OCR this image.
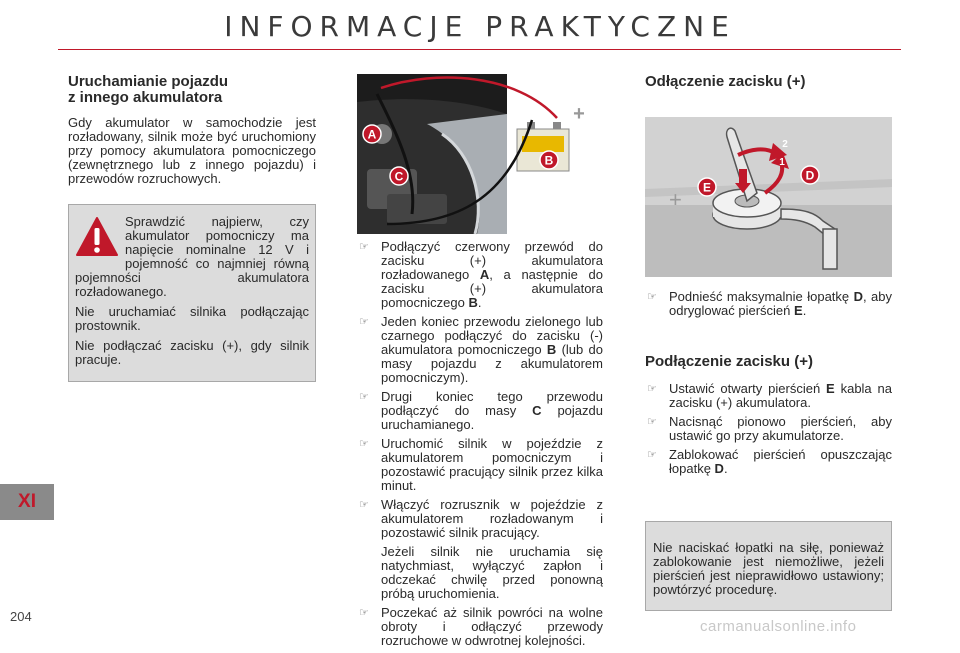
INFORMACJE PRAKTYCZNE
Uruchamianie pojazdu
z innego akumulatora

Gdy akumulator w samochodzie jest rozładowany, silnik może być uruchomiony przy pomocy akumulatora pomocniczego (zewnętrznego lub z innego pojazdu) i przewodów rozruchowych.

Sprawdzić najpierw, czy akumulator pomocniczy ma napięcie nominalne 12 V i pojemność co najmniej równą pojemności akumulatora rozładowanego.

Nie uruchamiać silnika podłączając prostownik.

Nie podłączać zacisku (+), gdy silnik pracuje.

A
B
C
+
☞ Podłączyć czerwony przewód do zacisku (+) akumulatora rozładowanego A, a następnie do zacisku (+) akumulatora pomocniczego B.
☞ Jeden koniec przewodu zielonego lub czarnego podłączyć do zacisku (-) akumulatora pomocniczego B (lub do masy pojazdu z akumulatorem pomocniczym).
☞ Drugi koniec tego przewodu podłączyć do masy C pojazdu uruchamianego.
☞ Uruchomić silnik w pojeździe z akumulatorem pomocniczym i pozostawić pracujący silnik przez kilka minut.
☞ Włączyć rozrusznik w pojeździe z akumulatorem rozładowanym i pozostawić silnik pracujący.
Jeżeli silnik nie uruchamia się natychmiast, wyłączyć zapłon i odczekać chwilę przed ponowną próbą uruchomienia.
☞ Poczekać aż silnik powróci na wolne obroty i odłączyć przewody rozruchowe w odwrotnej kolejności.
Odłączenie zacisku (+)
+
D
E
2
1
☞ Podnieść maksymalnie łopatkę D, aby odryglować pierścień E.
Podłączenie zacisku (+)
☞ Ustawić otwarty pierścień E kabla na zacisku (+) akumulatora.
☞ Nacisnąć pionowo pierścień, aby ustawić go przy akumulatorze.
☞ Zablokować pierścień opuszczając łopatkę D.
Nie naciskać łopatki na siłę, ponieważ zablokowanie jest niemożliwe, jeżeli pierścień jest nieprawidłowo ustawiony; powtórzyć procedurę.
XI
204
carmanualsonline.info
